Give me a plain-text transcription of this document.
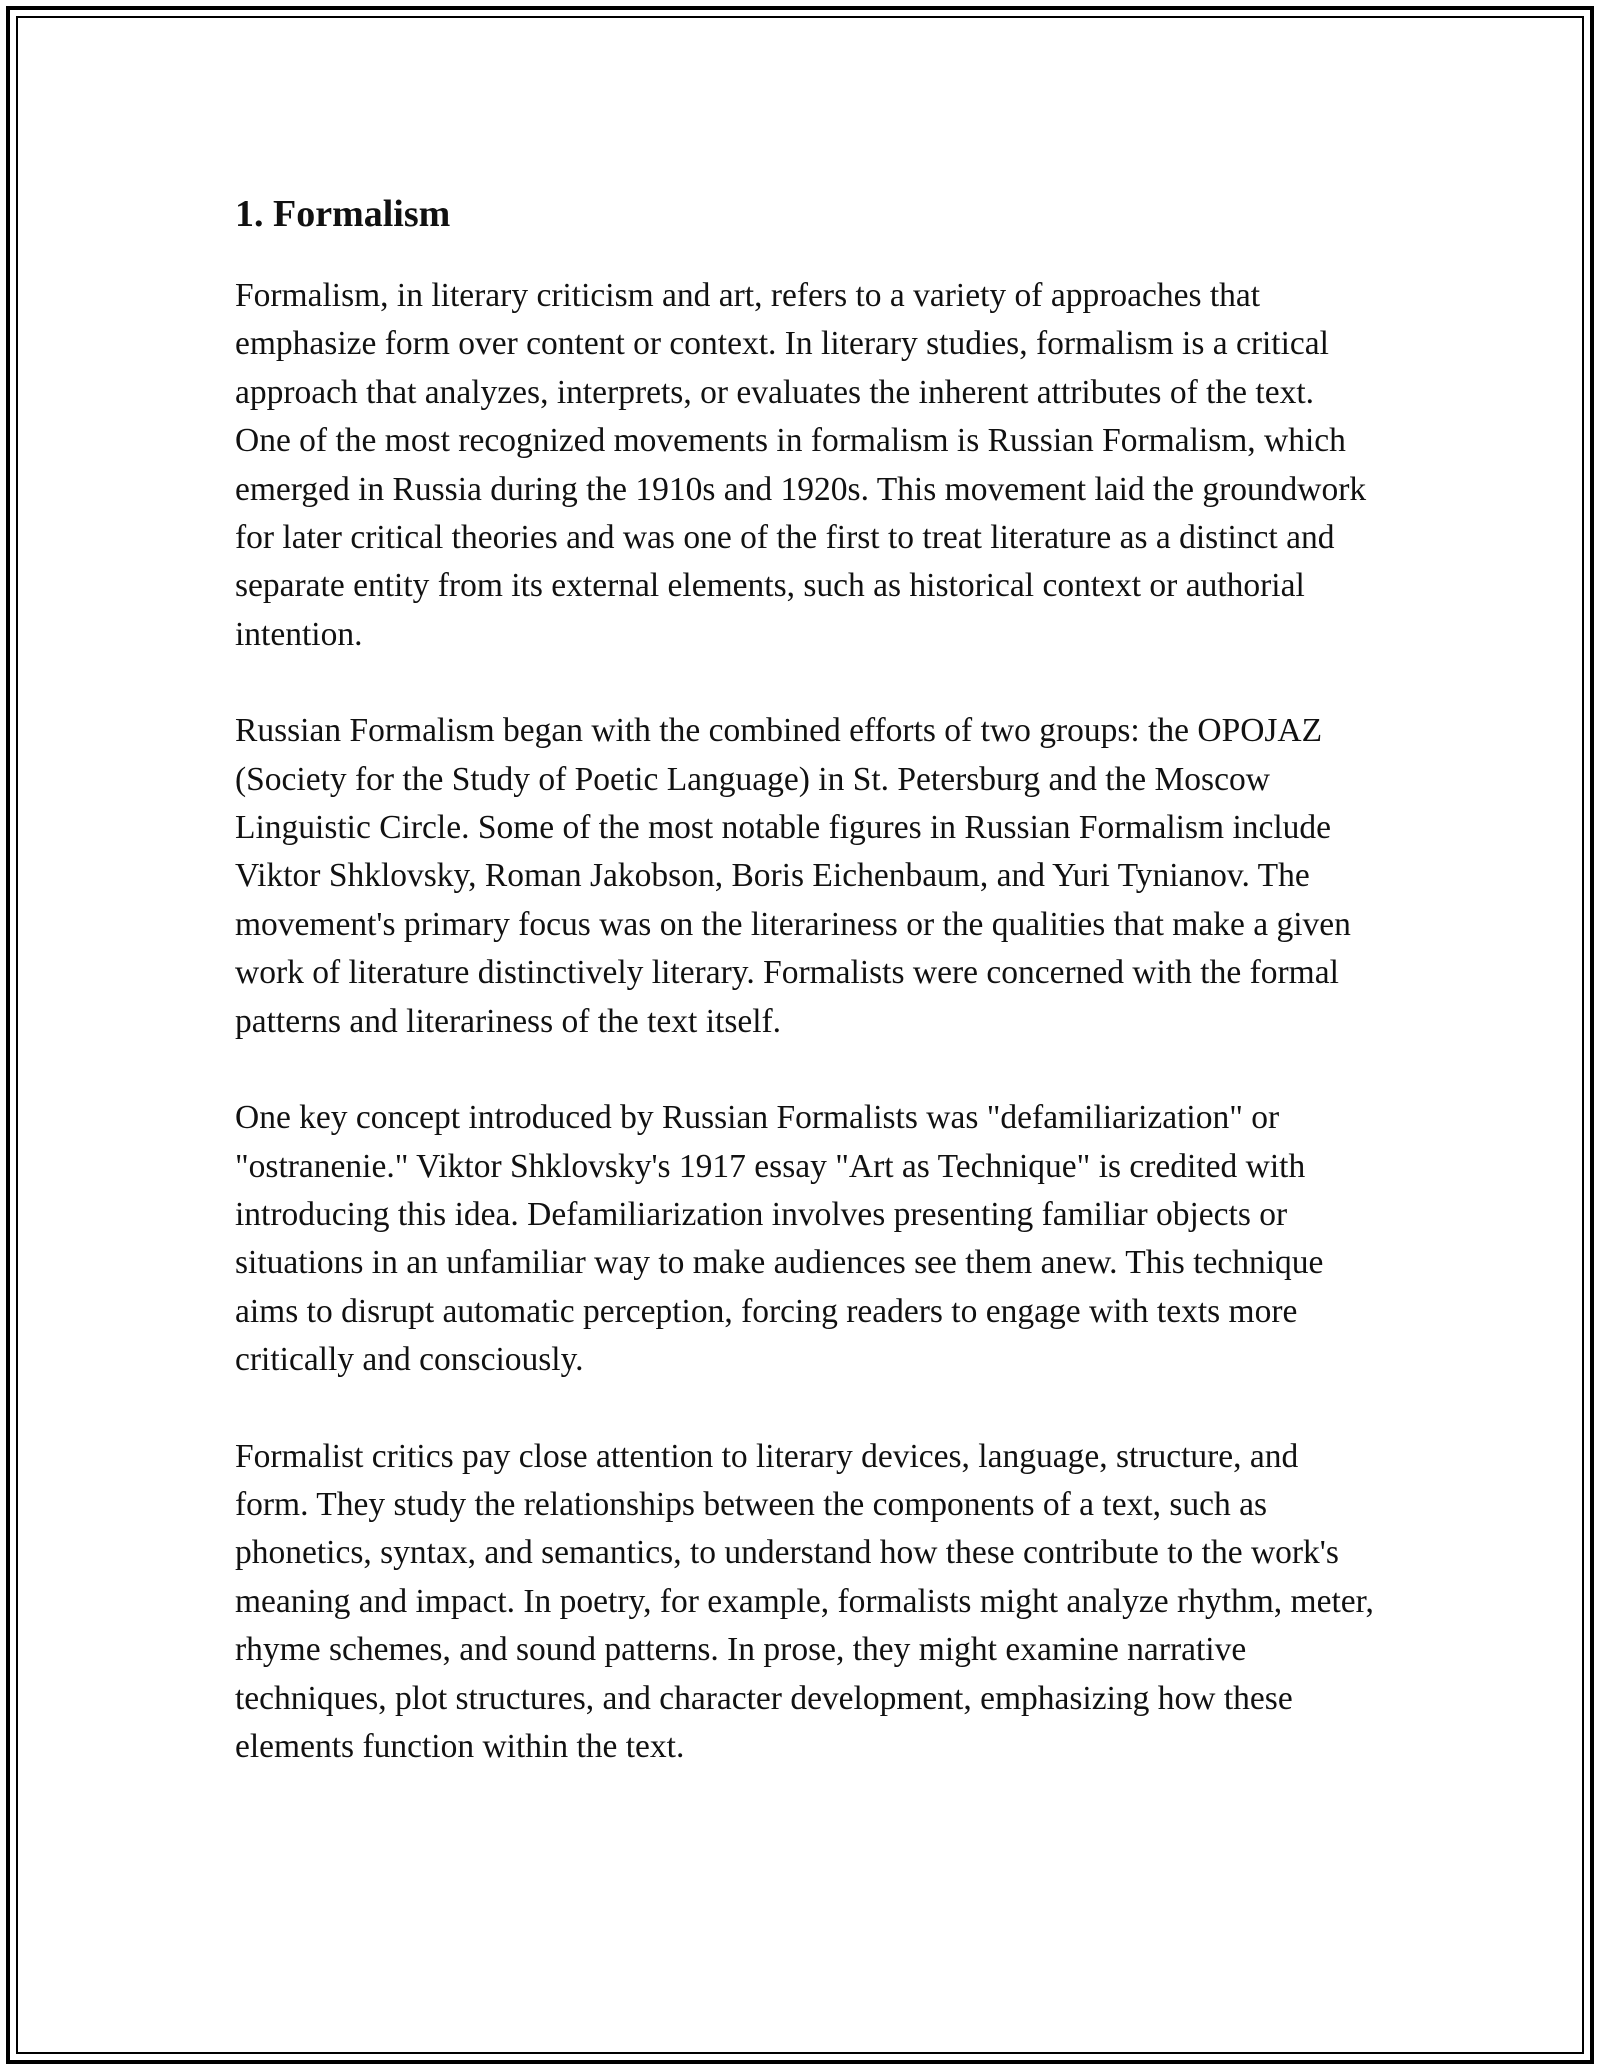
1. Formalism

Formalism, in literary criticism and art, refers to a variety of approaches that emphasize form over content or context. In literary studies, formalism is a critical approach that analyzes, interprets, or evaluates the inherent attributes of the text. One of the most recognized movements in formalism is Russian Formalism, which emerged in Russia during the 1910s and 1920s. This movement laid the groundwork for later critical theories and was one of the first to treat literature as a distinct and separate entity from its external elements, such as historical context or authorial intention.

Russian Formalism began with the combined efforts of two groups: the OPOJAZ (Society for the Study of Poetic Language) in St. Petersburg and the Moscow Linguistic Circle. Some of the most notable figures in Russian Formalism include Viktor Shklovsky, Roman Jakobson, Boris Eichenbaum, and Yuri Tynianov. The movement's primary focus was on the literariness or the qualities that make a given work of literature distinctively literary. Formalists were concerned with the formal patterns and literariness of the text itself.

One key concept introduced by Russian Formalists was "defamiliarization" or "ostranenie." Viktor Shklovsky's 1917 essay "Art as Technique" is credited with introducing this idea. Defamiliarization involves presenting familiar objects or situations in an unfamiliar way to make audiences see them anew. This technique aims to disrupt automatic perception, forcing readers to engage with texts more critically and consciously.

Formalist critics pay close attention to literary devices, language, structure, and form. They study the relationships between the components of a text, such as phonetics, syntax, and semantics, to understand how these contribute to the work's meaning and impact. In poetry, for example, formalists might analyze rhythm, meter, rhyme schemes, and sound patterns. In prose, they might examine narrative techniques, plot structures, and character development, emphasizing how these elements function within the text.
